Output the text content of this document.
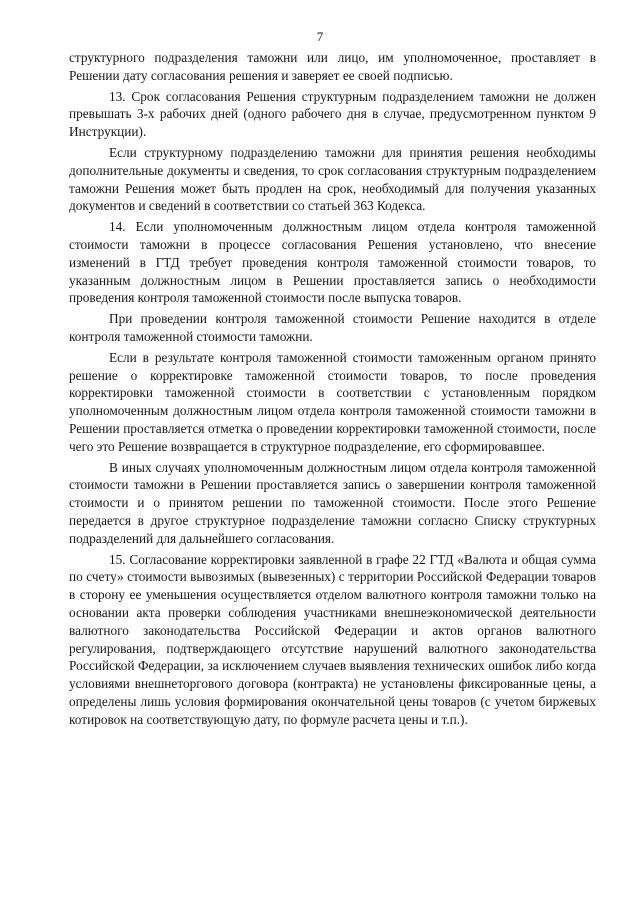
7

структурного подразделения таможни или лицо, им уполномоченное, проставляет в Решении дату согласования решения и заверяет ее своей подписью.

13. Срок согласования Решения структурным подразделением таможни не должен превышать 3-х рабочих дней (одного рабочего дня в случае, предусмотренном пунктом 9 Инструкции).

Если структурному подразделению таможни для принятия решения необходимы дополнительные документы и сведения, то срок согласования структурным подразделением таможни Решения может быть продлен на срок, необходимый для получения указанных документов и сведений в соответствии со статьей 363 Кодекса.

14. Если уполномоченным должностным лицом отдела контроля таможенной стоимости таможни в процессе согласования Решения установлено, что внесение изменений в ГТД требует проведения контроля таможенной стоимости товаров, то указанным должностным лицом в Решении проставляется запись о необходимости проведения контроля таможенной стоимости после выпуска товаров.

При проведении контроля таможенной стоимости Решение находится в отделе контроля таможенной стоимости таможни.

Если в результате контроля таможенной стоимости таможенным органом принято решение о корректировке таможенной стоимости товаров, то после проведения корректировки таможенной стоимости в соответствии с установленным порядком уполномоченным должностным лицом отдела контроля таможенной стоимости таможни в Решении проставляется отметка о проведении корректировки таможенной стоимости, после чего это Решение возвращается в структурное подразделение, его сформировавшее.

В иных случаях уполномоченным должностным лицом отдела контроля таможенной стоимости таможни в Решении проставляется запись о завершении контроля таможенной стоимости и о принятом решении по таможенной стоимости. После этого Решение передается в другое структурное подразделение таможни согласно Списку структурных подразделений для дальнейшего согласования.

15. Согласование корректировки заявленной в графе 22 ГТД «Валюта и общая сумма по счету» стоимости вывозимых (вывезенных) с территории Российской Федерации товаров в сторону ее уменьшения осуществляется отделом валютного контроля таможни только на основании акта проверки соблюдения участниками внешнеэкономической деятельности валютного законодательства Российской Федерации и актов органов валютного регулирования, подтверждающего отсутствие нарушений валютного законодательства Российской Федерации, за исключением случаев выявления технических ошибок либо когда условиями внешнеторгового договора (контракта) не установлены фиксированные цены, а определены лишь условия формирования окончательной цены товаров (с учетом биржевых котировок на соответствующую дату, по формуле расчета цены и т.п.).
